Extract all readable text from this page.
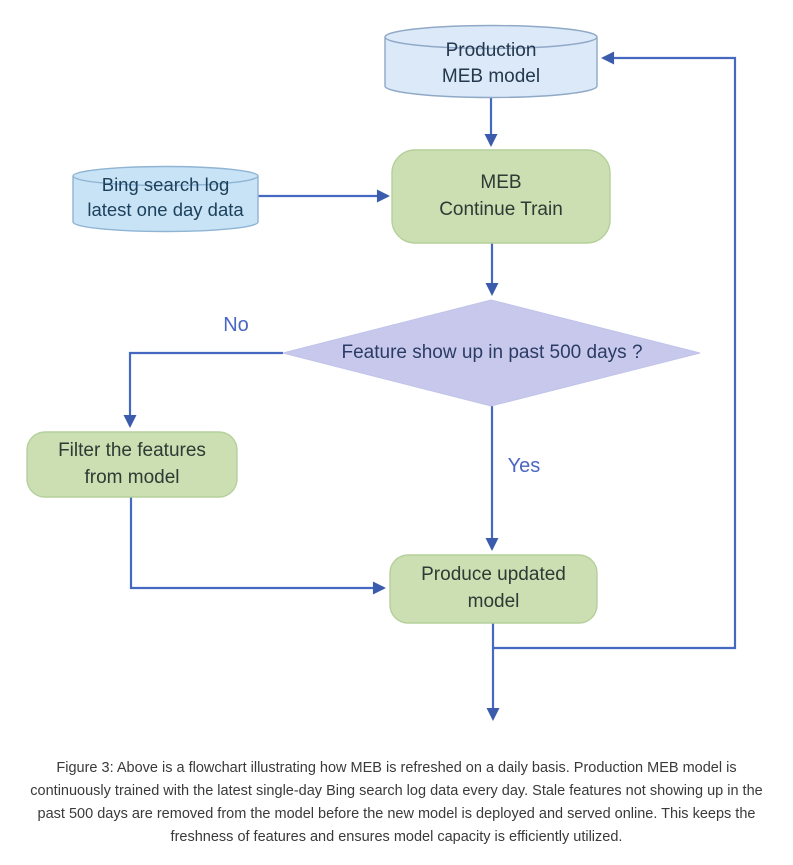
Production
MEB model
Bing search log
latest one day data
MEB
Continue Train
Feature show up in past 500 days ?
Filter the features
from model
Produce updated
model
No
Yes
Figure 3: Above is a flowchart illustrating how MEB is refreshed on a daily basis. Production MEB model is continuously trained with the latest single-day Bing search log data every day. Stale features not showing up in the past 500 days are removed from the model before the new model is deployed and served online. This keeps the freshness of features and ensures model capacity is efficiently utilized.
